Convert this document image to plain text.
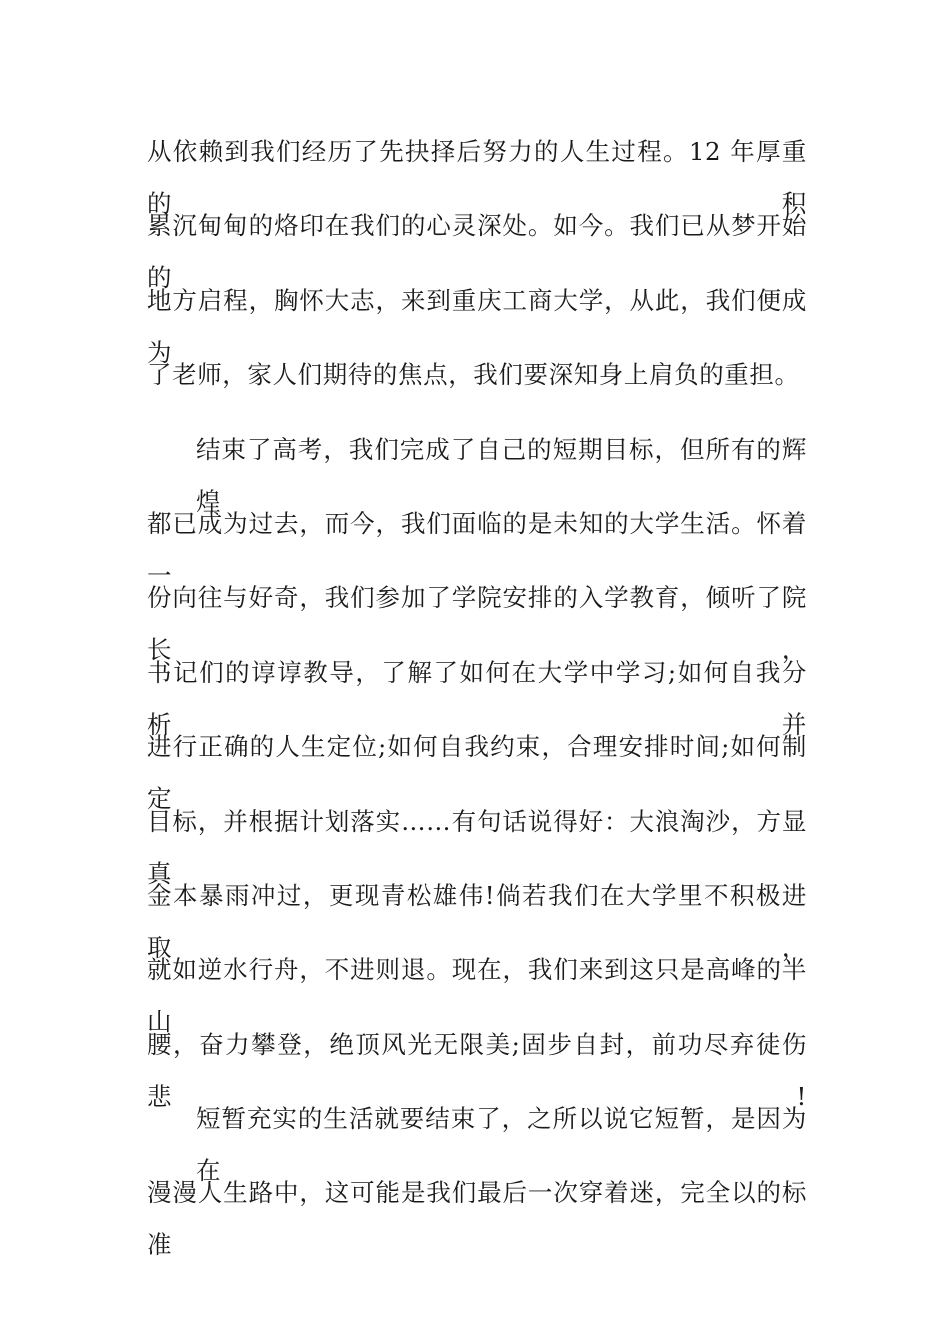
从依赖到我们经历了先抉择后努力的人生过程。12 年厚重的积
累沉甸甸的烙印在我们的心灵深处。如今。我们已从梦开始的
地方启程，胸怀大志，来到重庆工商大学，从此，我们便成为
了老师，家人们期待的焦点，我们要深知身上肩负的重担。
结束了高考，我们完成了自己的短期目标，但所有的辉煌
都已成为过去，而今，我们面临的是未知的大学生活。怀着一
份向往与好奇，我们参加了学院安排的入学教育，倾听了院长，
书记们的谆谆教导，了解了如何在大学中学习;如何自我分析并
进行正确的人生定位;如何自我约束，合理安排时间;如何制定
目标，并根据计划落实……有句话说得好：大浪淘沙，方显真
金本暴雨冲过，更现青松雄伟!倘若我们在大学里不积极进取，
就如逆水行舟，不进则退。现在，我们来到这只是高峰的半山
腰，奋力攀登，绝顶风光无限美;固步自封，前功尽弃徒伤悲!
短暂充实的生活就要结束了，之所以说它短暂，是因为在
漫漫人生路中，这可能是我们最后一次穿着迷，完全以的标准
